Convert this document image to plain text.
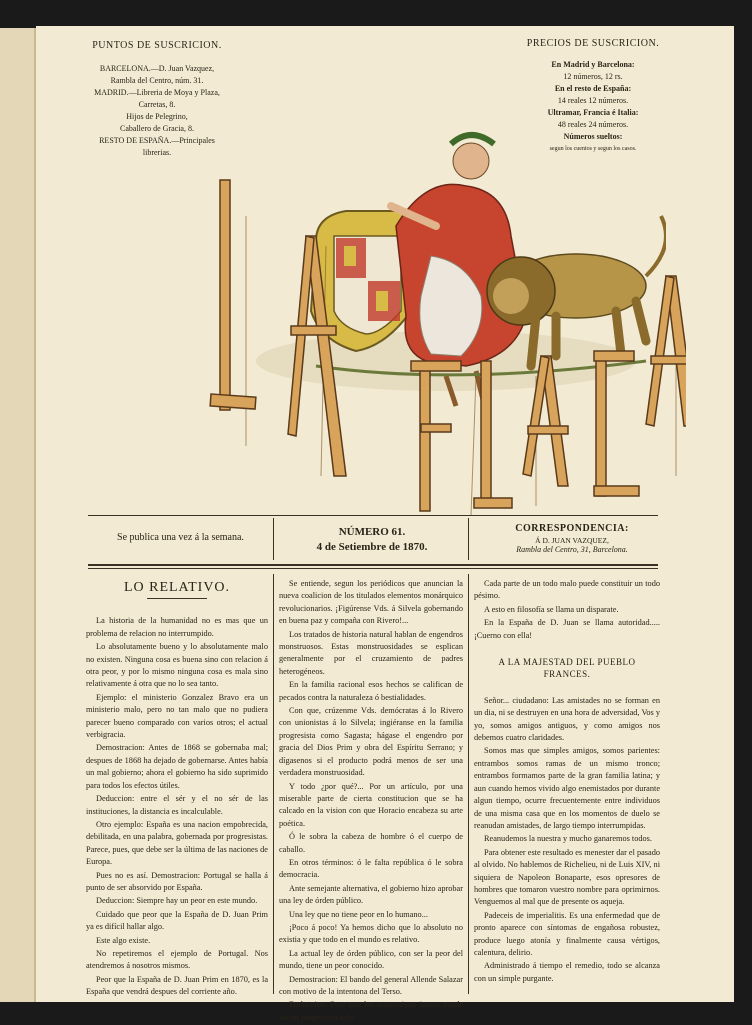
PUNTOS DE SUSCRICION.
BARCELONA.—D. Juan Vazquez,
Rambla del Centro, núm. 31.
MADRID.—Libreria de Moya y Plaza,
Carretas, 8.
Hijos de Pelegrino,
Caballero de Gracia, 8.
RESTO DE ESPAÑA.—Principales
librerias.
PRECIOS DE SUSCRICION.
En Madrid y Barcelona:
12 números, 12 rs.
En el resto de España:
14 reales 12 números.
Ultramar, Francia é Italia:
48 reales 24 números.
Números sueltos:
segun los cuentos y segun los casos.
Se publica una vez á la semana.	NÚMERO 61.
4 de Setiembre de 1870.
CORRESPONDENCIA:
Á D. JUAN VAZQUEZ,
Rambla del Centro, 31, Barcelona.
LO RELATIVO.

La historia de la humanidad no es mas que un problema de relacion no interrumpido.

Lo absolutamente bueno y lo absolutamente malo no existen. Ninguna cosa es buena sino con relacion á otra peor, y por lo mismo ninguna cosa es mala sino relativamente á otra que no lo sea tanto.

Ejemplo: el ministerio Gonzalez Bravo era un ministerio malo, pero no tan malo que no pudiera parecer bueno comparado con varios otros; el actual verbigracia.

Demostracion: Antes de 1868 se gobernaba mal; despues de 1868 ha dejado de gobernarse. Antes había un mal gobierno; ahora el gobierno ha sido suprimido para todos los efectos útiles.

Deduccion: entre el sér y el no sér de las instituciones, la distancia es incalculable.

Otro ejemplo: España es una nacion empobrecida, debilitada, en una palabra, gobernada por progresistas. Parece, pues, que debe ser la última de las naciones de Europa.

Pues no es así. Demostracion: Portugal se halla á punto de ser absorvido por España.

Deduccion: Siempre hay un peor en este mundo.

Cuidado que peor que la España de D. Juan Prim ya es difícil hallar algo.

Este algo existe.

No repetiremos el ejemplo de Portugal. Nos atendremos á nosotros mismos.

Peor que la España de D. Juan Prim en 1870, es la España que vendrá despues del corriente año.

Se entiende, segun los periódicos que anuncian la nueva coalicion de los titulados elementos monárquico revolucionarios. ¡Figúrense Vds. á Silvela gobernando en buena paz y compaña con Rivero!...

Los tratados de historia natural hablan de engendros monstruosos. Estas monstruosidades se esplican generalmente por el cruzamiento de padres heterogéneos.

En la familia racional esos hechos se califican de pecados contra la naturaleza ó bestialidades.

Con que, crúzenme Vds. demócratas á lo Rivero con unionistas á lo Silvela; ingiéranse en la familia progresista como Sagasta; hágase el engendro por gracia del Dios Prim y obra del Espíritu Serrano; y dígasenos si el producto podrá menos de ser una verdadera monstruosidad.

Y todo ¿por qué?... Por un artículo, por una miserable parte de cierta constitucion que se ha calcado en la vision con que Horacio encabeza su arte poética.

Ó le sobra la cabeza de hombre ó el cuerpo de caballo.

En otros términos: ó le falta república ó le sobra democracia.

Ante semejante alternativa, el gobierno hizo aprobar una ley de órden público.

Una ley que no tiene peor en lo humano...

¡Poco á poco! Ya hemos dicho que lo absoluto no existia y que todo en el mundo es relativo.

La actual ley de órden público, con ser la peor del mundo, tiene un peor conocido.

Demostracion: El bando del general Allende Salazar con motivo de la intentona del Terso.

Deduccion: Peor que los progresistas juntos puede ser un progresista solo.

Cada parte de un todo malo puede constituir un todo pésimo.

A esto en filosofía se llama un disparate.

En la España de D. Juan se llama autoridad..... ¡Cuerno con ella!

A LA MAJESTAD DEL PUEBLO FRANCES.

Señor... ciudadano: Las amistades no se forman en un dia, ni se destruyen en una hora de adversidad, Vos y yo, somos amigos antiguos, y como amigos nos debemos cuatro claridades.

Somos mas que simples amigos, somos parientes: entrambos somos ramas de un mismo tronco; entrambos formamos parte de la gran familia latina; y aun cuando hemos vivido algo enemistados por durante algun tiempo, ocurre frecuentemente entre individuos de una misma casa que en los momentos de duelo se reanudan amistades, de largo tiempo interrumpidas.

Reanudemos la nuestra y mucho ganaremos todos.

Para obtener este resultado es menester dar el pasado al olvido. No hablemos de Richelieu, ni de Luis XIV, ni siquiera de Napoleon Bonaparte, esos opresores de hombres que tomaron vuestro nombre para oprimirnos. Venguemos al mal que de presente os aqueja.

Padeceis de imperialitis. Es una enfermedad que de pronto aparece con síntomas de engañosa robustez, produce luego atonía y finalmente causa vértigos, calentura, delirio.

Administrado á tiempo el remedio, todo se alcanza con un simple purgante.
